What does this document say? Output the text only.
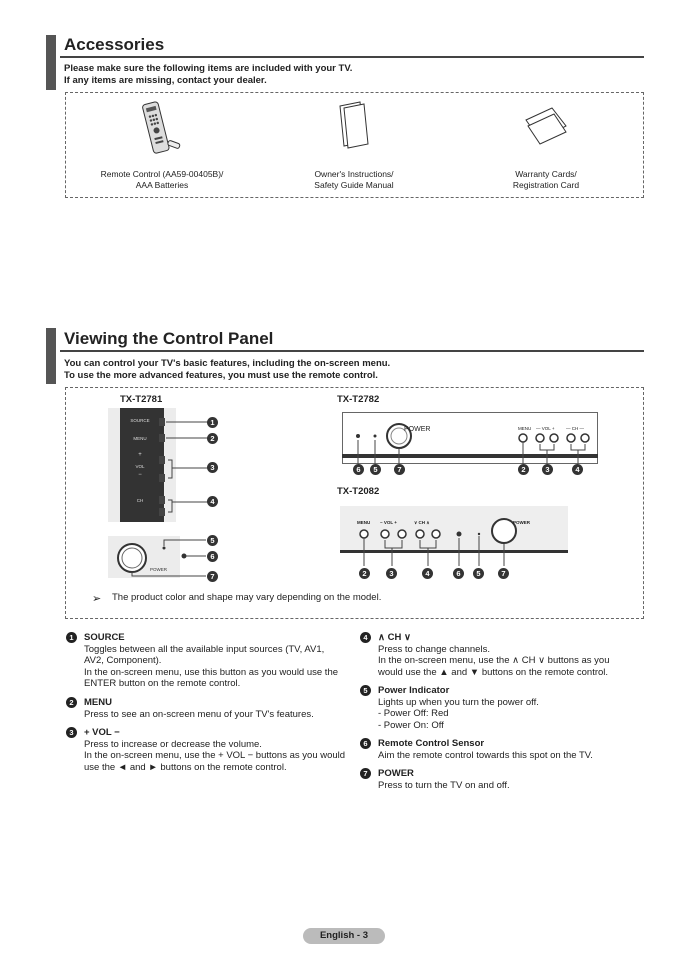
Accessories
Please make sure the following items are included with your TV.
If any items are missing, contact your dealer.
Remote Control (AA59-00405B)/
AAA Batteries
Owner's Instructions/
Safety Guide Manual
Warranty Cards/
Registration Card
Viewing the Control Panel
You can control your TV's basic features, including the on-screen menu.
To use the more advanced features, you must use the remote control.
TX-T2781	TX-T2782
TX-T2082
SOURCE
MENU
+
VOL
−
CH
1
2
3
4
POWER
5
6
7
POWER	MENU — VOL +	— CH —
6	5	7	2	3	4
MENU − VOL +	∨ CH ∧	POWER
2	3	4	6	5	7
➢ The product color and shape may vary depending on the model.
1	SOURCE
Toggles between all the available input sources (TV, AV1,
AV2, Component).
In the on-screen menu, use this button as you would use the
ENTER button on the remote control.
2	MENU
Press to see an on-screen menu of your TV's features.
3	+ VOL −
Press to increase or decrease the volume.
In the on-screen menu, use the + VOL − buttons as you would
use the ◄ and ► buttons on the remote control.
4	∧ CH ∨
Press to change channels.
In the on-screen menu, use the ∧ CH ∨ buttons as you
would use the ▲ and ▼ buttons on the remote control.
5	Power Indicator
Lights up when you turn the power off.
- Power Off: Red
- Power On: Off
6	Remote Control Sensor
Aim the remote control towards this spot on the TV.
7	POWER
Press to turn the TV on and off.
English - 3
